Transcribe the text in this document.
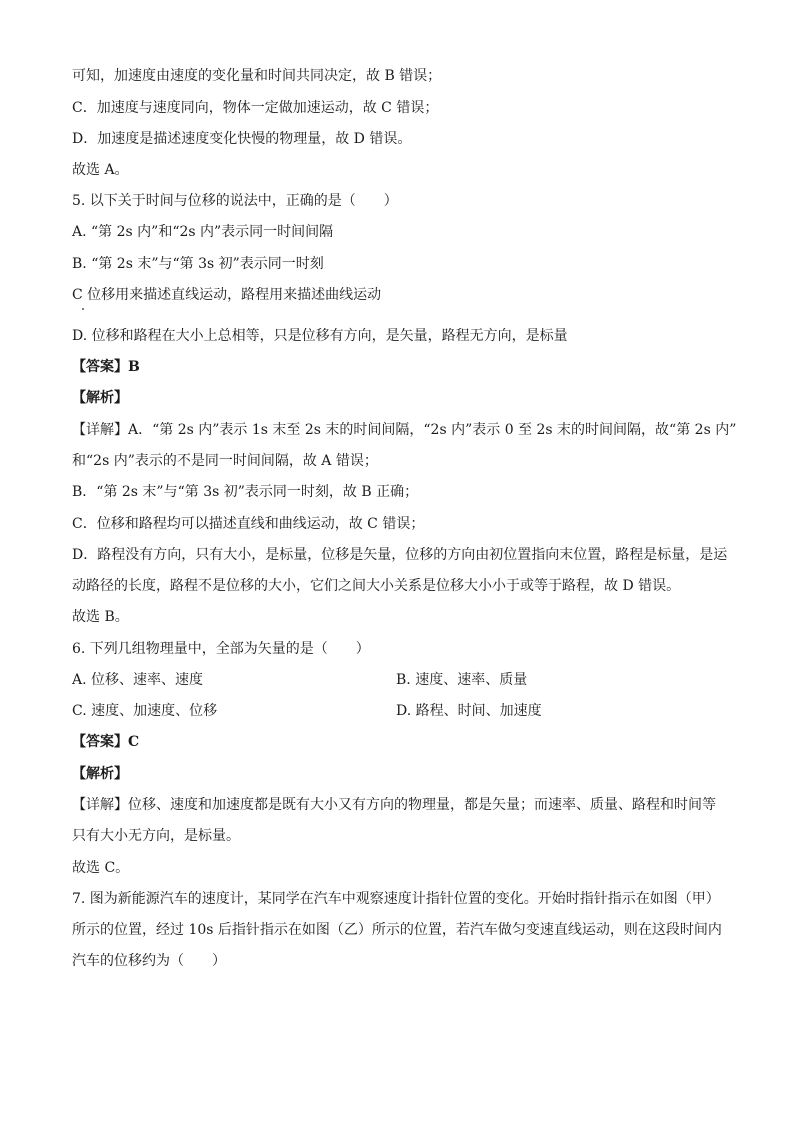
可知，加速度由速度的变化量和时间共同决定，故 B 错误；
C．加速度与速度同向，物体一定做加速运动，故 C 错误；
D．加速度是描述速度变化快慢的物理量，故 D 错误。
故选 A。
5. 以下关于时间与位移的说法中，正确的是（　　）
A. “第 2s 内”和“2s 内”表示同一时间间隔
B. “第 2s 末”与“第 3s 初”表示同一时刻
C 位移用来描述直线运动，路程用来描述曲线运动
D. 位移和路程在大小上总相等，只是位移有方向，是矢量，路程无方向，是标量
【答案】B
【解析】
【详解】A．“第 2s 内”表示 1s 末至 2s 末的时间间隔，“2s 内”表示 0 至 2s 末的时间间隔，故“第 2s 内”
和“2s 内”表示的不是同一时间间隔，故 A 错误；
B．“第 2s 末”与“第 3s 初”表示同一时刻，故 B 正确；
C．位移和路程均可以描述直线和曲线运动，故 C 错误；
D．路程没有方向，只有大小，是标量，位移是矢量，位移的方向由初位置指向末位置，路程是标量，是运
动路径的长度，路程不是位移的大小，它们之间大小关系是位移大小小于或等于路程，故 D 错误。
故选 B。
6. 下列几组物理量中，全部为矢量的是（　　）
A. 位移、速率、速度	B. 速度、速率、质量
C. 速度、加速度、位移	D. 路程、时间、加速度
【答案】C
【解析】
【详解】位移、速度和加速度都是既有大小又有方向的物理量，都是矢量；而速率、质量、路程和时间等
只有大小无方向，是标量。
故选 C。
7. 图为新能源汽车的速度计，某同学在汽车中观察速度计指针位置的变化。开始时指针指示在如图（甲）
所示的位置，经过 10s 后指针指示在如图（乙）所示的位置，若汽车做匀变速直线运动，则在这段时间内
汽车的位移约为（　　）
